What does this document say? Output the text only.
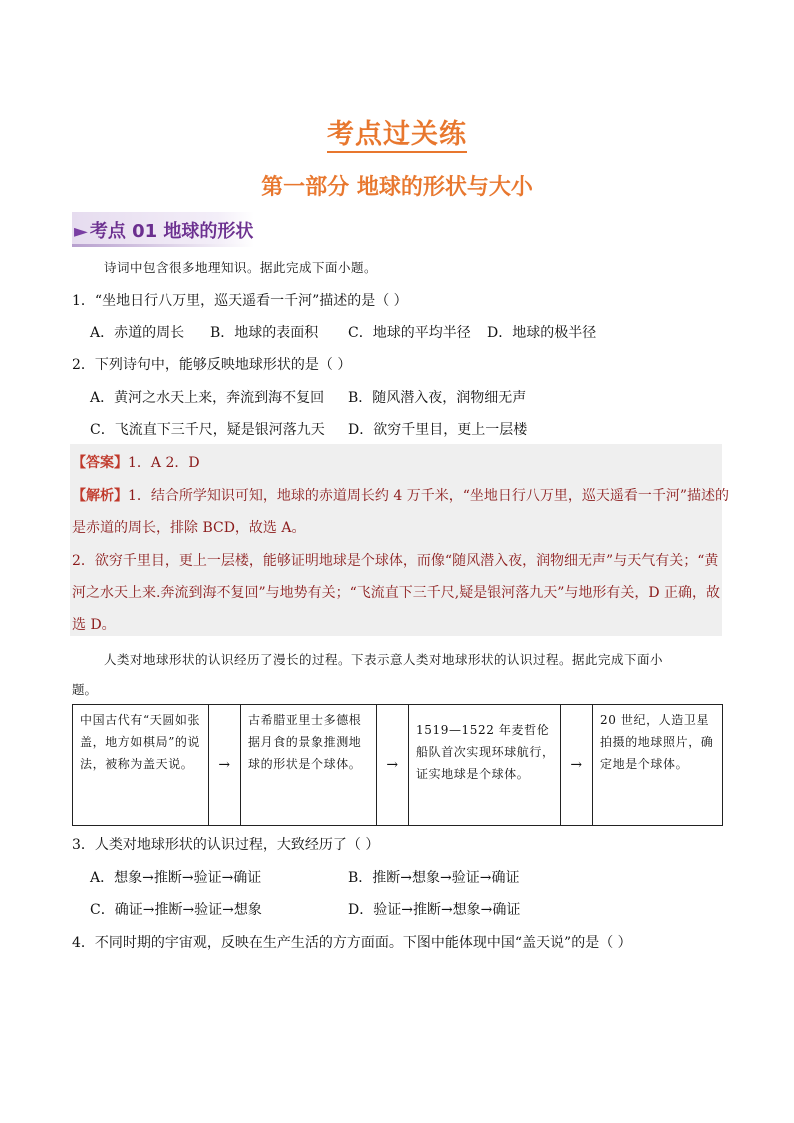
考点过关练
第一部分 地球的形状与大小
► 考点 01 地球的形状
诗词中包含很多地理知识。据此完成下面小题。
1．“坐地日行八万里，巡天遥看一千河”描述的是（ ）
A．赤道的周长 B．地球的表面积 C．地球的平均半径 D．地球的极半径
2．下列诗句中，能够反映地球形状的是（ ）
A．黄河之水天上来，奔流到海不复回 B．随风潜入夜，润物细无声
C．飞流直下三千尺，疑是银河落九天 D．欲穷千里目，更上一层楼
【答案】1．A 2．D
【解析】1．结合所学知识可知，地球的赤道周长约 4 万千米，“坐地日行八万里，巡天遥看一千河”描述的
是赤道的周长，排除 BCD，故选 A。
2．欲穷千里目，更上一层楼，能够证明地球是个球体，而像“随风潜入夜，润物细无声”与天气有关；“黄
河之水天上来.奔流到海不复回”与地势有关；“飞流直下三千尺,疑是银河落九天”与地形有关，D 正确，故
选 D。
人类对地球形状的认识经历了漫长的过程。下表示意人类对地球形状的认识过程。据此完成下面小
题。
中国古代有“天圆如张盖，地方如棋局”的说法，被称为盖天说。	→	古希腊亚里士多德根据月食的景象推测地球的形状是个球体。	→	1519—1522 年麦哲伦船队首次实现环球航行，证实地球是个球体。	→	20 世纪，人造卫星拍摄的地球照片，确定地是个球体。
3．人类对地球形状的认识过程，大致经历了（ ）
A．想象→推断→验证→确证	B．推断→想象→验证→确证
C．确证→推断→验证→想象	D．验证→推断→想象→确证
4．不同时期的宇宙观，反映在生产生活的方方面面。下图中能体现中国“盖天说”的是（ ）
